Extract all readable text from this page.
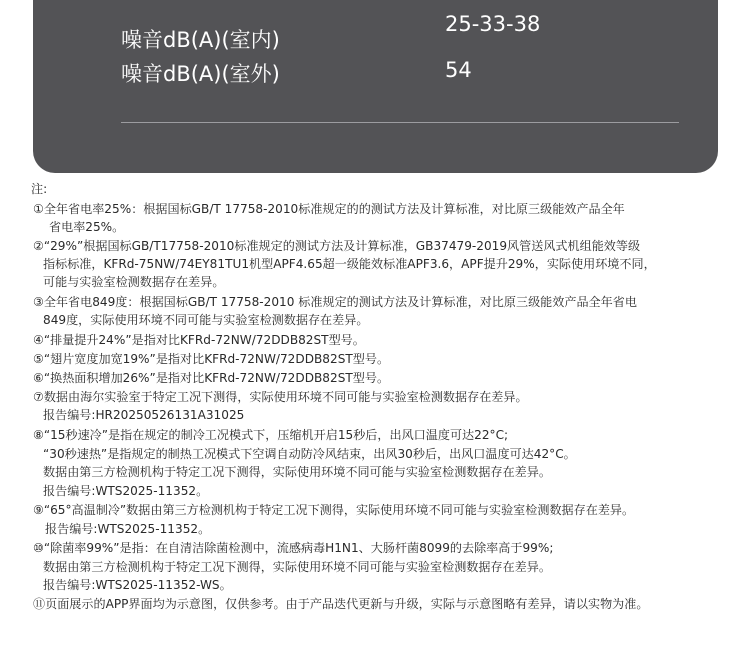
噪音dB(A)(室内)
25-33-38
噪音dB(A)(室外)	54
注:
①全年省电率25%：根据国标GB/T 17758-2010标准规定的的测试方法及计算标准，对比原三级能效产品全年
省电率25%。
②“29%”根据国标GB/T17758-2010标准规定的测试方法及计算标准，GB37479-2019风管送风式机组能效等级
指标标准，KFRd-75NW/74EY81TU1机型APF4.65超一级能效标准APF3.6，APF提升29%，实际使用环境不同，
可能与实验室检测数据存在差异。
③全年省电849度：根据国标GB/T 17758-2010 标准规定的测试方法及计算标准，对比原三级能效产品全年省电
849度，实际使用环境不同可能与实验室检测数据存在差异。
④“排量提升24%”是指对比KFRd-72NW/72DDB82ST型号。
⑤“翅片宽度加宽19%”是指对比KFRd-72NW/72DDB82ST型号。
⑥“换热面积增加26%”是指对比KFRd-72NW/72DDB82ST型号。
⑦数据由海尔实验室于特定工况下测得，实际使用环境不同可能与实验室检测数据存在差异。
报告编号:HR20250526131A31025
⑧“15秒速冷”是指在规定的制冷工况模式下，压缩机开启15秒后，出风口温度可达22°C;
“30秒速热”是指规定的制热工况模式下空调自动防冷风结束，出风30秒后，出风口温度可达42°C。
数据由第三方检测机构于特定工况下测得，实际使用环境不同可能与实验室检测数据存在差异。
报告编号:WTS2025-11352。
⑨“65°高温制冷”数据由第三方检测机构于特定工况下测得，实际使用环境不同可能与实验室检测数据存在差异。
报告编号:WTS2025-11352。
⑩“除菌率99%”是指：在自清洁除菌检测中，流感病毒H1N1、大肠杆菌8099的去除率高于99%;
数据由第三方检测机构于特定工况下测得，实际使用环境不同可能与实验室检测数据存在差异。
报告编号:WTS2025-11352-WS。
⑪页面展示的APP界面均为示意图，仅供参考。由于产品迭代更新与升级，实际与示意图略有差异，请以实物为准。
